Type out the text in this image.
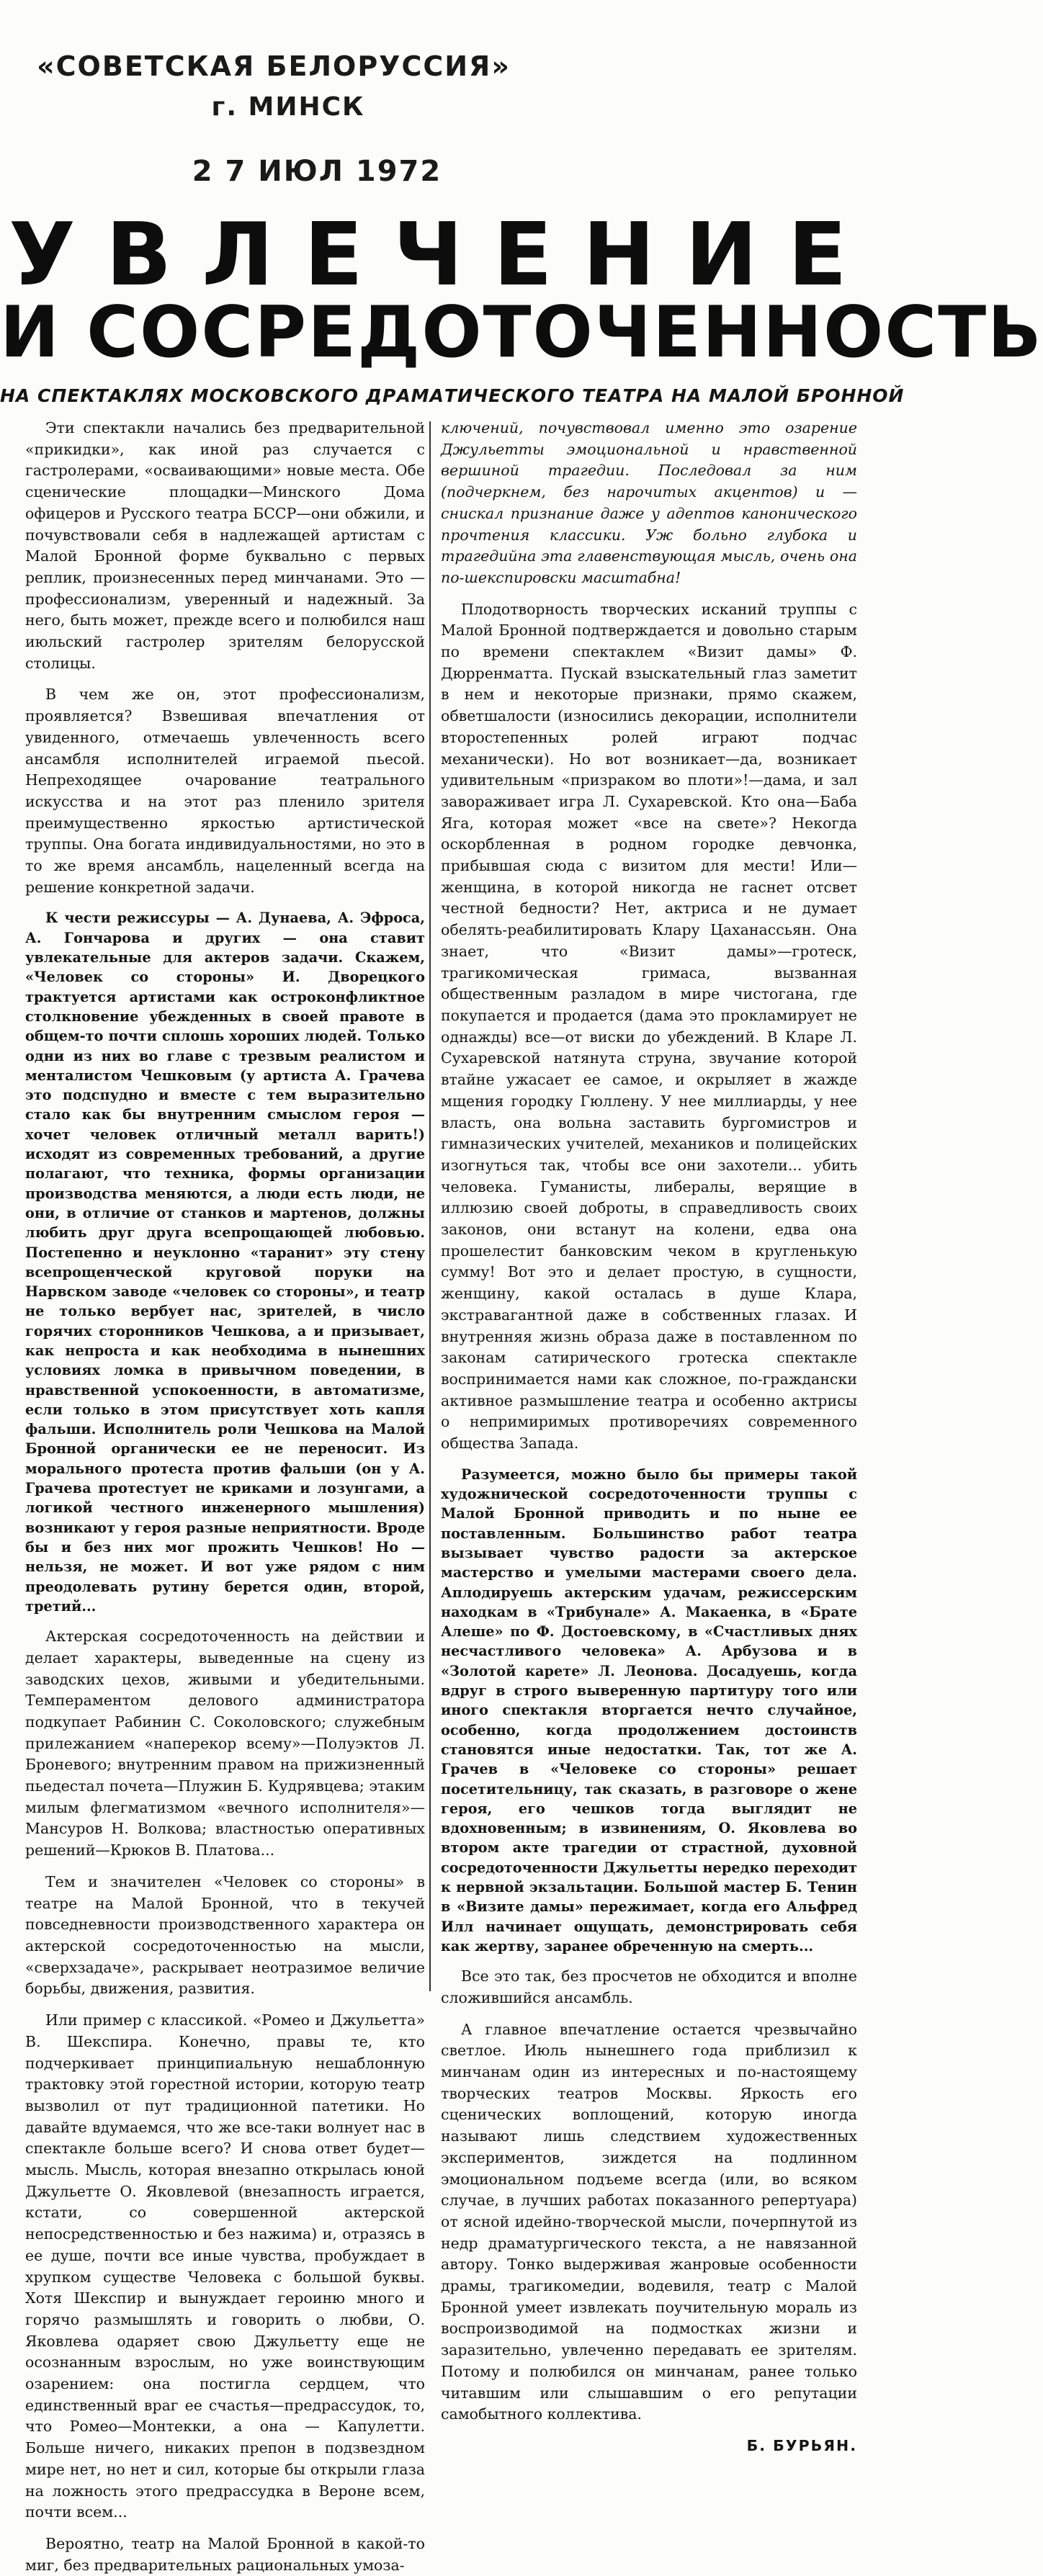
«СОВЕТСКАЯ БЕЛОРУССИЯ»
г. МИНСК
2 7 ИЮЛ 1972
УВЛЕЧЕНИЕ
И СОСРЕДОТОЧЕННОСТЬ
НА СПЕКТАКЛЯХ МОСКОВСКОГО ДРАМАТИЧЕСКОГО ТЕАТРА НА МАЛОЙ БРОННОЙ

Эти спектакли начались без предварительной «прикидки», как иной раз случается с гастролерами, «осваивающими» новые места. Обе сценические площадки—Минского Дома офицеров и Русского театра БССР—они обжили, и почувствовали себя в надлежащей артистам с Малой Бронной форме буквально с первых реплик, произнесенных перед минчанами. Это — профессионализм, уверенный и надежный. За него, быть может, прежде всего и полюбился наш июльский гастролер зрителям белорусской столицы.

В чем же он, этот профессионализм, проявляется? Взвешивая впечатления от увиденного, отмечаешь увлеченность всего ансамбля исполнителей играемой пьесой. Непреходящее очарование театрального искусства и на этот раз пленило зрителя преимущественно яркостью артистической труппы. Она богата индивидуальностями, но это в то же время ансамбль, нацеленный всегда на решение конкретной задачи.

К чести режиссуры — А. Дунаева, А. Эфроса, А. Гончарова и других — она ставит увлекательные для актеров задачи. Скажем, «Человек со стороны» И. Дворецкого трактуется артистами как остроконфликтное столкновение убежденных в своей правоте в общем-то почти сплошь хороших людей. Только одни из них во главе с трезвым реалистом и менталистом Чешковым (у артиста А. Грачева это подспудно и вместе с тем выразительно стало как бы внутренним смыслом героя — хочет человек отличный металл варить!) исходят из современных требований, а другие полагают, что техника, формы организации производства меняются, а люди есть люди, не они, в отличие от станков и мартенов, должны любить друг друга всепрощающей любовью. Постепенно и неуклонно «таранит» эту стену всепрощенческой круговой поруки на Нарвском заводе «человек со стороны», и театр не только вербует нас, зрителей, в число горячих сторонников Чешкова, а и призывает, как непроста и как необходима в нынешних условиях ломка в привычном поведении, в нравственной успокоенности, в автоматизме, если только в этом присутствует хоть капля фальши. Исполнитель роли Чешкова на Малой Бронной органически ее не переносит. Из морального протеста против фальши (он у А. Грачева протестует не криками и лозунгами, а логикой честного инженерного мышления) возникают у героя разные неприятности. Вроде бы и без них мог прожить Чешков! Но — нельзя, не может. И вот уже рядом с ним преодолевать рутину берется один, второй, третий...

Актерская сосредоточенность на действии и делает характеры, выведенные на сцену из заводских цехов, живыми и убедительными. Темпераментом делового администратора подкупает Рабинин С. Соколовского; служебным прилежанием «наперекор всему»—Полуэктов Л. Броневого; внутренним правом на прижизненный пьедестал почета—Плужин Б. Кудрявцева; этаким милым флегматизмом «вечного исполнителя»—Мансуров Н. Волкова; властностью оперативных решений—Крюков В. Платова...

Тем и значителен «Человек со стороны» в театре на Малой Бронной, что в текучей повседневности производственного характера он актерской сосредоточенностью на мысли, «сверхзадаче», раскрывает неотразимое величие борьбы, движения, развития.

Или пример с классикой. «Ромео и Джульетта» В. Шекспира. Конечно, правы те, кто подчеркивает принципиальную нешаблонную трактовку этой горестной истории, которую театр вызволил от пут традиционной патетики. Но давайте вдумаемся, что же все-таки волнует нас в спектакле больше всего? И снова ответ будет—мысль. Мысль, которая внезапно открылась юной Джульетте О. Яковлевой (внезапность играется, кстати, со совершенной актерской непосредственностью и без нажима) и, отразясь в ее душе, почти все иные чувства, пробуждает в хрупком существе Человека с большой буквы. Хотя Шекспир и вынуждает героиню много и горячо размышлять и говорить о любви, О. Яковлева одаряет свою Джульетту еще не осознанным взрослым, но уже воинствующим озарением: она постигла сердцем, что единственный враг ее счастья—предрассудок, то, что Ромео—Монтекки, а она — Капулетти. Больше ничего, никаких препон в подзвездном мире нет, но нет и сил, которые бы открыли глаза на ложность этого предрассудка в Вероне всем, почти всем...

Вероятно, театр на Малой Бронной в какой-то миг, без предварительных рациональных умоза-

ключений, почувствовал именно это озарение Джульетты эмоциональной и нравственной вершиной трагедии. Последовал за ним (подчеркнем, без нарочитых акцентов) и — снискал признание даже у адептов каноничеcкого прочтения классики. Уж больно глубока и трагедийна эта главенствующая мысль, очень она по-шекспировски масштабна!

Плодотворность творческих исканий труппы с Малой Бронной подтверждается и довольно старым по времени спектаклем «Визит дамы» Ф. Дюрренматта. Пускай взыскательный глаз заметит в нем и некоторые признаки, прямо скажем, обветшалости (износились декорации, исполнители второстепенных ролей играют подчас механически). Но вот возникает—да, возникает удивительным «призраком во плоти»!—дама, и зал завораживает игра Л. Сухаревской. Кто она—Баба Яга, которая может «все на свете»? Некогда оскорбленная в родном городке девчонка, прибывшая сюда с визитом для мести! Или—женщина, в которой никогда не гаснет отсвет честной бедности? Нет, актриса и не думает обелять-реабилитировать Клару Цаханассьян. Она знает, что «Визит дамы»—гротеск, трагикомическая гримаса, вызванная общественным разладом в мире чистогана, где покупается и продается (дама это прокламирует не однажды) все—от виски до убеждений. В Кларе Л. Сухаревской натянута струна, звучание которой втайне ужасает ее самое, и окрыляет в жажде мщения городку Гюллену. У нее миллиарды, у нее власть, она вольна заставить бургомистров и гимназических учителей, механиков и полицейских изогнуться так, чтобы все они захотели... убить человека. Гуманисты, либералы, верящие в иллюзию своей доброты, в справедливость своих законов, они встанут на колени, едва она прошелестит банковским чеком в кругленькую сумму! Вот это и делает простую, в сущности, женщину, какой осталась в душе Клара, экстравагантной даже в собственных глазах. И внутренняя жизнь образа даже в поставленном по законам сатирического гротеска спектакле воспринимается нами как сложное, по-граждански активное размышление театра и особенно актрисы о непримиримых противоречиях современного общества Запада.

Разумеется, можно было бы примеры такой художнической сосредоточенности труппы с Малой Бронной приводить и по ныне ее поставленным. Большинство работ театра вызывает чувство радости за актерское мастерство и умелыми мастерами своего дела. Аплодируешь актерским удачам, режиссерским находкам в «Трибунале» А. Макаенка, в «Брате Алеше» по Ф. Достоевскому, в «Счастливых днях несчастливого человека» А. Арбузова и в «Золотой карете» Л. Леонова. Досадуешь, когда вдруг в строго выверенную партитуру того или иного спектакля вторгается нечто случайное, особенно, когда продолжением достоинств становятся иные недостатки. Так, тот же А. Грачев в «Человеке со стороны» решает посетительницу, так сказать, в разговоре о жене героя, его чешков тогда выглядит не вдохновенным; в извинениям, О. Яковлева во втором акте трагедии от страстной, духовной сосредоточенности Джульетты нередко переходит к нервной экзальтации. Большой мастер Б. Тенин в «Визите дамы» пережимает, когда его Альфред Илл начинает ощущать, демонстрировать себя как жертву, заранее обреченную на смерть...

Все это так, без просчетов не обходится и вполне сложившийся ансамбль.

А главное впечатление остается чрезвычайно светлое. Июль нынешнего года приблизил к минчанам один из интересных и по-настоящему творческих театров Москвы. Яркость его сценических воплощений, которую иногда называют лишь следствием художественных экспериментов, зиждется на подлинном эмоциональном подъеме всегда (или, во всяком случае, в лучших работах показанного репертуара) от ясной идейно-творческой мысли, почерпнутой из недр драматургического текста, а не навязанной автору. Тонко выдерживая жанровые особенности драмы, трагикомедии, водевиля, театр с Малой Бронной умеет извлекать поучительную мораль из воспроизводимой на подмостках жизни и заразительно, увлеченно передавать ее зрителям. Потому и полюбился он минчанам, ранее только читавшим или слышавшим о его репутации самобытного коллектива.

Б. БУРЬЯН.
